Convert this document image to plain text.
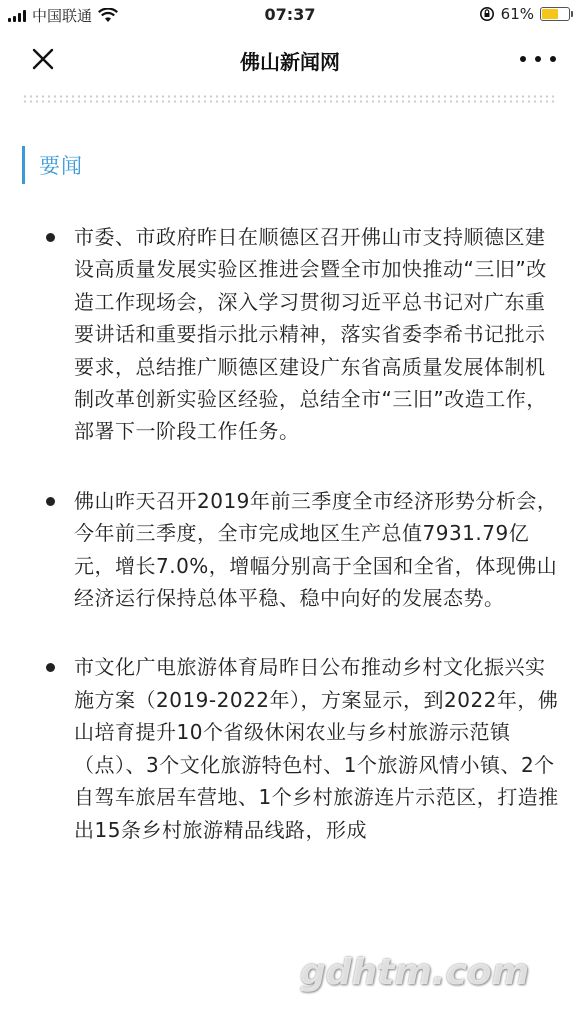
中国联通	07:37	61%
佛山新闻网
要闻
市委、市政府昨日在顺德区召开佛山市支持顺德区建设高质量发展实验区推进会暨全市加快推动“三旧”改造工作现场会，深入学习贯彻习近平总书记对广东重要讲话和重要指示批示精神，落实省委李希书记批示要求，总结推广顺德区建设广东省高质量发展体制机制改革创新实验区经验，总结全市“三旧”改造工作，部署下一阶段工作任务。
佛山昨天召开2019年前三季度全市经济形势分析会，今年前三季度，全市完成地区生产总值7931.79亿元，增长7.0%，增幅分别高于全国和全省，体现佛山经济运行保持总体平稳、稳中向好的发展态势。
市文化广电旅游体育局昨日公布推动乡村文化振兴实施方案（2019-2022年），方案显示，到2022年，佛山培育提升10个省级休闲农业与乡村旅游示范镇（点）、3个文化旅游特色村、1个旅游风情小镇、2个自驾车旅居车营地、1个乡村旅游连片示范区，打造推出15条乡村旅游精品线路，形成
gdhtm.com
